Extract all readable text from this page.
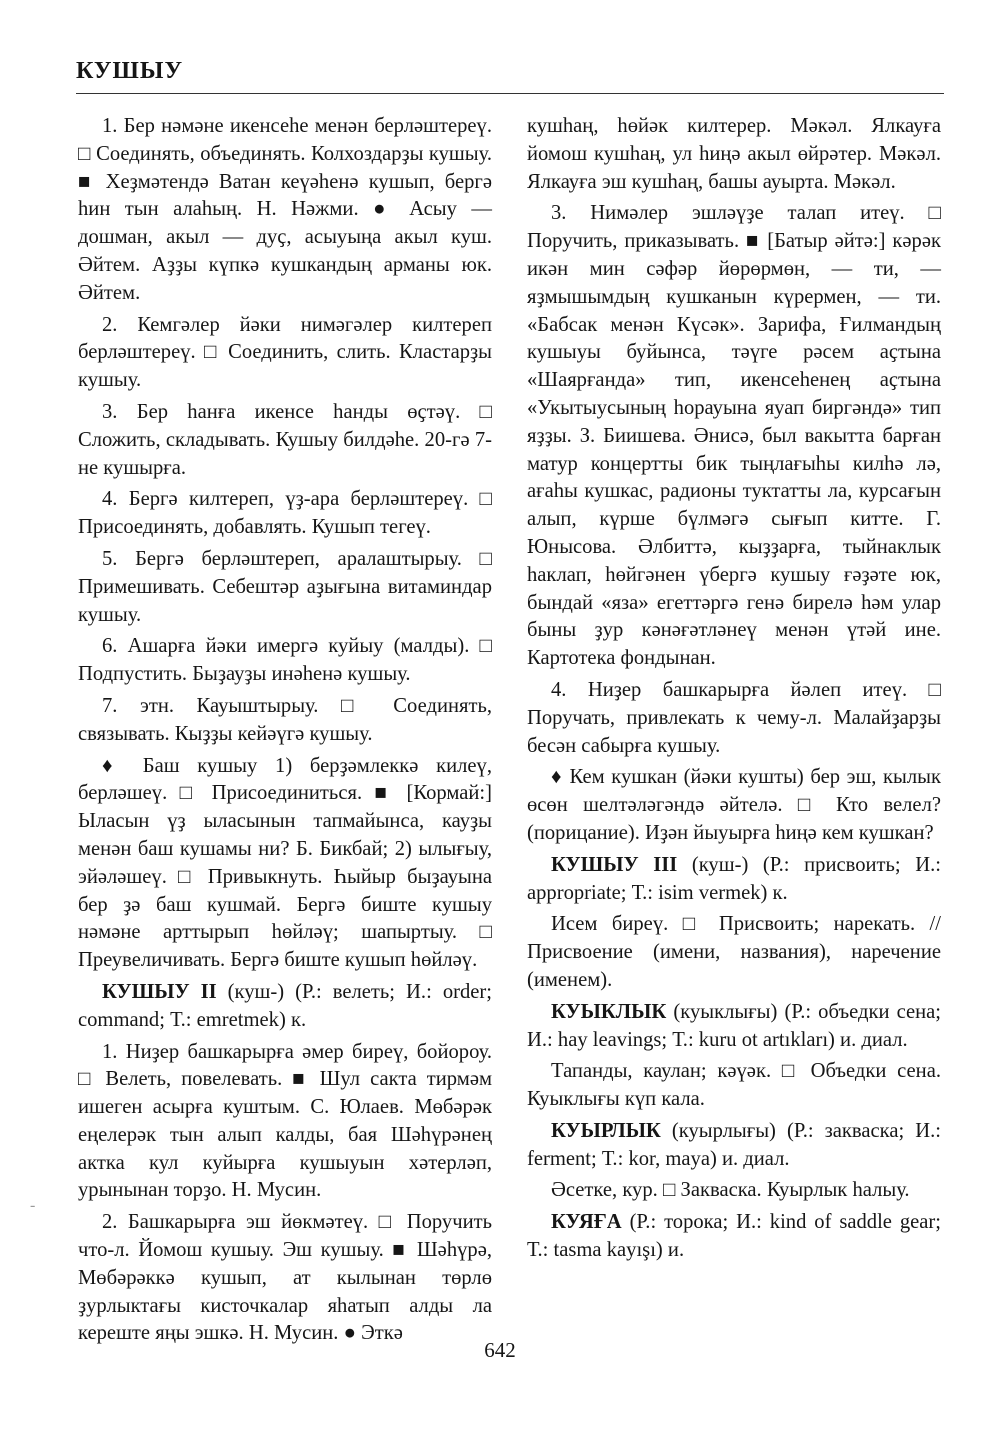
КУШЫУ
-

1. Бер нәмәне икенсеһе менән берләштереү. □ Соединять, объединять. Колхоздарҙы кушыу. ■ Хеҙмәтендә Ватан кеүәһенә кушып, бергә һин тын алаһың. Н. Нәжми. ● Асыу — дошман, акыл — дуҫ, асыуыңа акыл куш. Әйтем. Аҙҙы күпкә кушкандың арманы юк. Әйтем.

2. Кемгәлер йәки нимәгәлер килтереп берләштереү. □ Соединить, слить. Кластарҙы кушыу.

3. Бер һанға икенсе һанды өҫтәү. □ Сложить, складывать. Кушыу билдәһе. 20-гә 7-не кушырға.

4. Бергә килтереп, үҙ-ара берләштереү. □ Присоединять, добавлять. Кушып тегеү.

5. Бергә берләштереп, аралаштырыу. □ Примешивать. Себештәр аҙығына витаминдар кушыу.

6. Ашарға йәки имергә куйыу (малды). □ Подпустить. Быҙауҙы инәһенә кушыу.

7. этн. Кауыштырыу. □ Соединять, связывать. Кыҙҙы кейәүгә кушыу.

♦ Баш кушыу 1) берҙәмлеккә килеү, берләшеү. □ Присоединиться. ■ [Кормай:] Ыласын үҙ ыласынын тапмайынса, кауҙы менән баш кушамы ни? Б. Бикбай; 2) ылығыу, эйәләшеү. □ Привыкнуть. Һыйыр быҙауына бер ҙә баш кушмай. Бергә биште кушыу нәмәне арттырып һөйләү; шапыртыу. □ Преувеличивать. Бергә биште кушып һөйләү.

КУШЫУ II (куш-) (Р.: велеть; И.: order; command; Т.: emretmek) к.

1. Ниҙер башкарырға әмер биреү, бойороу. □ Велеть, повелевать. ■ Шул сакта тирмәм ишеген асырға куштым. С. Юлаев. Мөбәрәк еңелерәк тын алып калды, бая Шәһүрәнең актка кул куйырға кушыуын хәтерләп, урынынан торҙо. Н. Мусин.

2. Башкарырға эш йөкмәтеү. □ Поручить что-л. Йомош кушыу. Эш кушыу. ■ Шәһүрә, Мөбәрәккә кушып, ат кылынан төрлө ҙурлыктағы кисточкалар яһатып алды ла кереште яңы эшкә. Н. Мусин. ● Эткә

кушһаң, һөйәк килтерер. Мәкәл. Ялкауға йомош кушһаң, ул һиңә акыл өйрәтер. Мәкәл. Ялкауға эш кушһаң, башы ауырта. Мәкәл.

3. Нимәлер эшләүҙе талап итеү. □ Поручить, приказывать. ■ [Батыр әйтә:] кәрәк икән мин сәфәр йөрөрмөн, — ти, — яҙмышымдың кушканын күрермен, — ти. «Бабсак менән Күсәк». Зарифа, Ғилмандың кушыуы буйынса, тәүге рәсем аҫтына «Шаярғанда» тип, икенсеһенең аҫтына «Укытыусының һорауына яуап биргәндә» тип яҙҙы. З. Биишева. Әнисә, был вакытта барған матур концертты бик тыңлағыһы килһә лә, ағаһы кушкас, радионы туктатты ла, курсағын алып, күрше бүлмәгә сығып китте. Г. Юнысова. Әлбиттә, кыҙҙарға, тыйнаклык һаклап, һөйгәнен үбергә кушыу ғәҙәте юк, бындай «яза» егеттәргә генә бирелә һәм улар быны ҙур кәнәғәтләнеү менән үтәй ине. Картотека фондынан.

4. Ниҙер башкарырға йәлеп итеү. □ Поручать, привлекать к чему-л. Малайҙарҙы бесән сабырға кушыу.

♦ Кем кушкан (йәки кушты) бер эш, кылык өсөн шелтәләгәндә әйтелә. □ Кто велел? (порицание). Иҙән йыуырға һиңә кем кушкан?

КУШЫУ III (куш-) (Р.: присвоить; И.: appropriate; Т.: isim vermek) к.

Исем биреү. □ Присвоить; нарекать. // Присвоение (имени, названия), наречение (именем).

КУЫКЛЫК (куыклығы) (Р.: объедки сена; И.: hay leavings; Т.: kuru ot artıkları) и. диал.

Тапанды, каулан; кәүәк. □ Объедки сена. Куыклығы күп кала.

КУЫРЛЫК (куырлығы) (Р.: закваска; И.: ferment; Т.: kor, maya) и. диал.

Әсетке, кур. □ Закваска. Куырлык һалыу.

КУЯҒА (Р.: торока; И.: kind of saddle gear; Т.: tasma kayışı) и.

642
